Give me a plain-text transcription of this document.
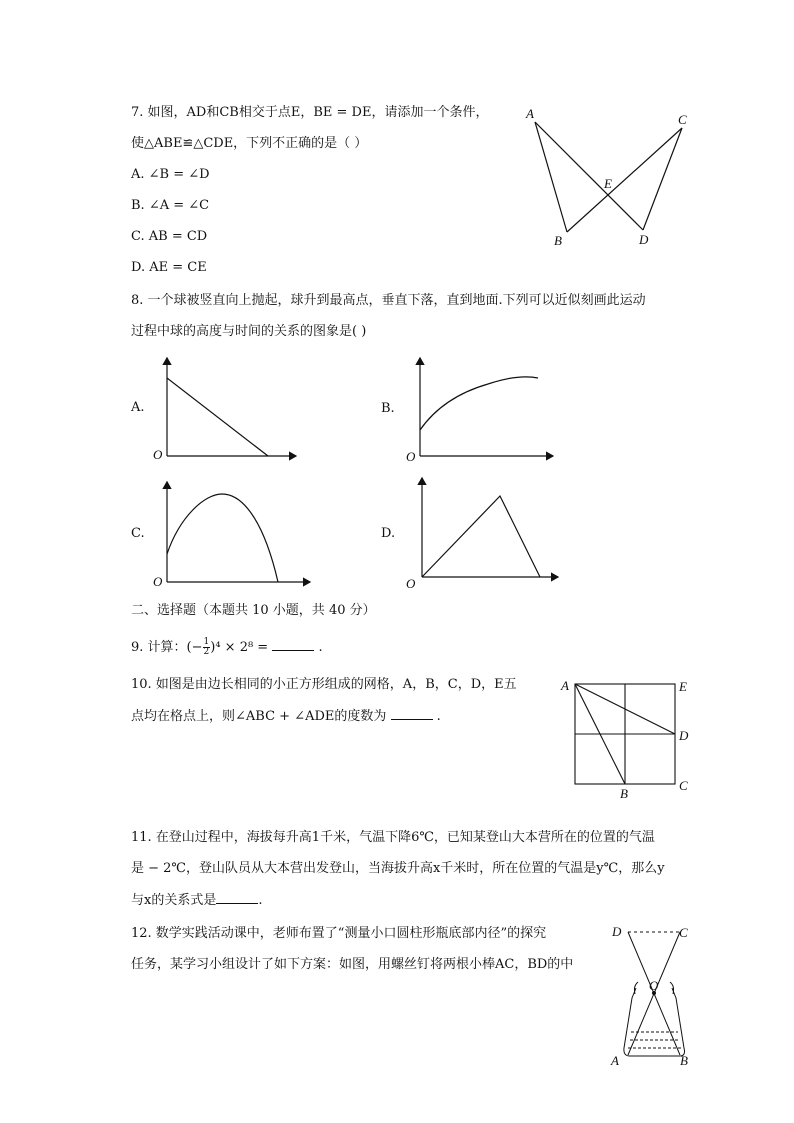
7. 如图，AD和CB相交于点E，BE = DE，请添加一个条件，
使△ABE≌△CDE，下列不正确的是（ ）
A. ∠B = ∠D
B. ∠A = ∠C
C. AB = CD
D. AE = CE
A	C
E
B	D
8. 一个球被竖直向上抛起，球升到最高点，垂直下落，直到地面.下列可以近似刻画此运动
过程中球的高度与时间的关系的图象是( )
A.
O
B.
O
C.
O
D.
O
二、选择题（本题共 10 小题，共 40 分）
9. 计算：(− $\frac{1}{2} )^4 \times 2^8$ =	.
10. 如图是由边长相同的小正方形组成的网格，A，B，C，D，E五
点均在格点上，则∠ABC + ∠ADE的度数为	.
A	E
D
C
B
11. 在登山过程中，海拔每升高1千米，气温下降6℃，已知某登山大本营所在的位置的气温
是 − 2℃，登山队员从大本营出发登山，当海拔升高x千米时，所在位置的气温是y℃，那么y
与x的关系式是	.
12. 数学实践活动课中，老师布置了“测量小口圆柱形瓶底部内径”的探究
任务，某学习小组设计了如下方案：如图，用螺丝钉将两根小棒AC，BD的中
D	C
O
A	B
